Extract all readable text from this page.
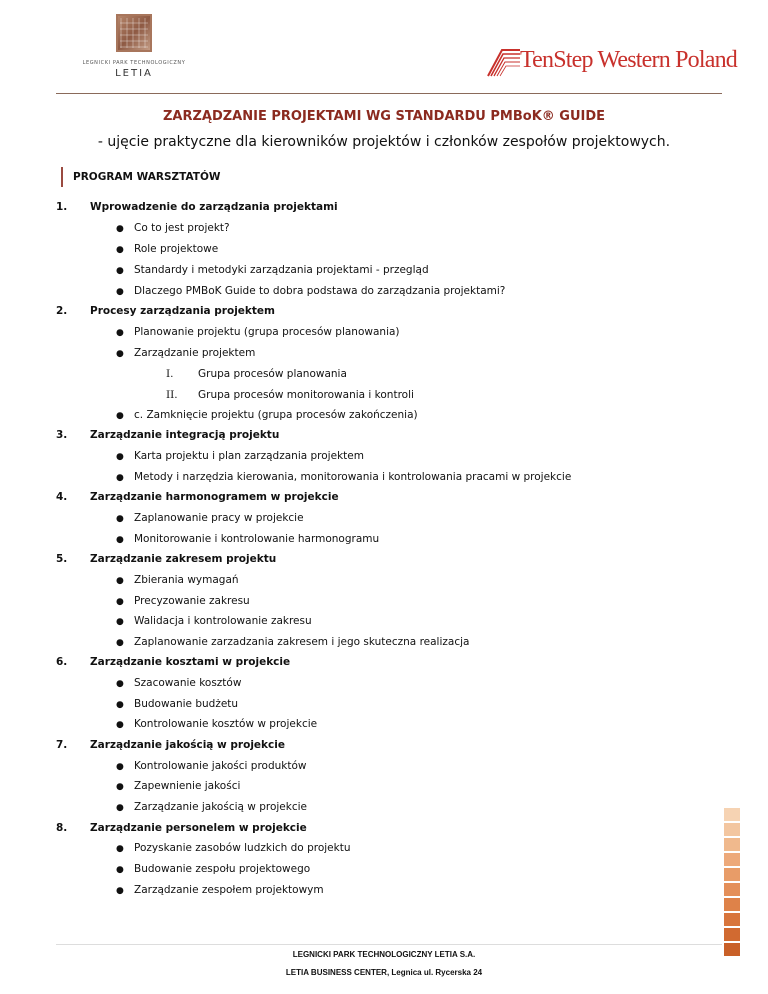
LEGNICKI PARK TECHNOLOGICZNY
LETIA
TenStep Western Poland
ZARZĄDZANIE PROJEKTAMI WG STANDARDU PMBoK® GUIDE
- ujęcie praktyczne dla kierowników projektów i członków zespołów projektowych.
PROGRAM WARSZTATÓW
1. Wprowadzenie do zarządzania projektami
● Co to jest projekt?
● Role projektowe
● Standardy i metodyki zarządzania projektami - przegląd
● Dlaczego PMBoK Guide to dobra podstawa do zarządzania projektami?
2. Procesy zarządzania projektem
● Planowanie projektu (grupa procesów planowania)
● Zarządzanie projektem
I. Grupa procesów planowania
II. Grupa procesów monitorowania i kontroli
● c. Zamknięcie projektu (grupa procesów zakończenia)
3. Zarządzanie integracją projektu
● Karta projektu i plan zarządzania projektem
● Metody i narzędzia kierowania, monitorowania i kontrolowania pracami w projekcie
4. Zarządzanie harmonogramem w projekcie
● Zaplanowanie pracy w projekcie
● Monitorowanie i kontrolowanie harmonogramu
5. Zarządzanie zakresem projektu
● Zbierania wymagań
● Precyzowanie zakresu
● Walidacja i kontrolowanie zakresu
● Zaplanowanie zarzadzania zakresem i jego skuteczna realizacja
6. Zarządzanie kosztami w projekcie
● Szacowanie kosztów
● Budowanie budżetu
● Kontrolowanie kosztów w projekcie
7. Zarządzanie jakością w projekcie
● Kontrolowanie jakości produktów
● Zapewnienie jakości
● Zarządzanie jakością w projekcie
8. Zarządzanie personelem w projekcie
● Pozyskanie zasobów ludzkich do projektu
● Budowanie zespołu projektowego
● Zarządzanie zespołem projektowym
LEGNICKI PARK TECHNOLOGICZNY LETIA S.A.
LETIA BUSINESS CENTER, Legnica ul. Rycerska 24
